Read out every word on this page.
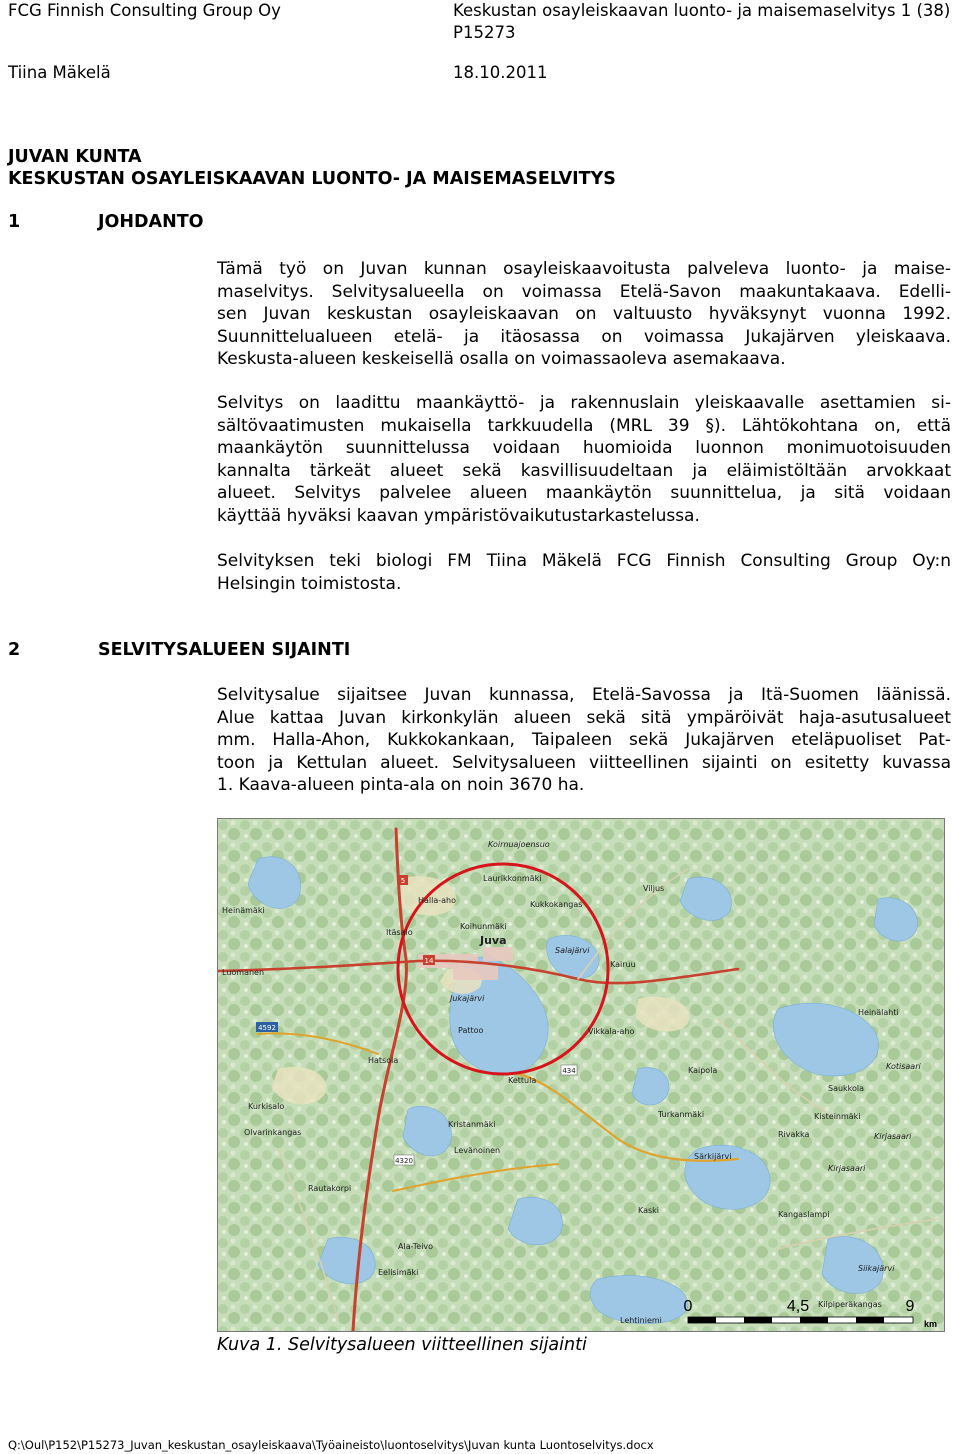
FCG Finnish Consulting Group Oy	Keskustan osayleiskaavan luonto- ja maisemaselvitys 1 (38)
P15273
Tiina Mäkelä	18.10.2011
JUVAN KUNTA
KESKUSTAN OSAYLEISKAAVAN LUONTO- JA MAISEMASELVITYS
1	JOHDANTO
Tämä työ on Juvan kunnan osayleiskaavoitusta palveleva luonto- ja maise-
maselvitys. Selvitysalueella on voimassa Etelä-Savon maakuntakaava. Edelli-
sen Juvan keskustan osayleiskaavan on valtuusto hyväksynyt vuonna 1992.
Suunnittelualueen etelä- ja itäosassa on voimassa Jukajärven yleiskaava.
Keskusta-alueen keskeisellä osalla on voimassaoleva asemakaava.
Selvitys on laadittu maankäyttö- ja rakennuslain yleiskaavalle asettamien si-
sältövaatimusten mukaisella tarkkuudella (MRL 39 §). Lähtökohtana on, että
maankäytön suunnittelussa voidaan huomioida luonnon monimuotoisuuden
kannalta tärkeät alueet sekä kasvillisuudeltaan ja eläimistöltään arvokkaat
alueet. Selvitys palvelee alueen maankäytön suunnittelua, ja sitä voidaan
käyttää hyväksi kaavan ympäristövaikutustarkastelussa.
Selvityksen teki biologi FM Tiina Mäkelä FCG Finnish Consulting Group Oy:n
Helsingin toimistosta.
2	SELVITYSALUEEN SIJAINTI
Selvitysalue sijaitsee Juvan kunnassa, Etelä-Savossa ja Itä-Suomen läänissä.
Alue kattaa Juvan kirkonkylän alueen sekä sitä ympäröivät haja-asutusalueet
mm. Halla-Ahon, Kukkokankaan, Taipaleen sekä Jukajärven eteläpuoliset Pat-
toon ja Kettulan alueet. Selvitysalueen viitteellinen sijainti on esitetty kuvassa
1. Kaava-alueen pinta-ala on noin 3670 ha.
5
14
434
4320
4592
Koirnuajoensuo
Viljus
Laurikkonmäki
Heinämäki
Halla-aho	Kukkokangas
Koihunmäki
Itäsalo
Juva
Kairuu
Luomanen
Salajärvi
Jukajärvi
Pattoo	Vikkala-aho
Kettula
Hatsola
Kaipola
Turkanmäki
Kristanmäki
Kurkisalo
Olvarinkangas
Levänoinen
Särkijärvi
Rivakka
Saukkola
Kisteinmäki
Kirjasaari
Kotisaari
Ala-Teivo
Eelisimäki
Lehtiniemi
Kirjasaari
Rautakorpi
Kaski
Siikajärvi
Kangaslampi
Kilpiperäkangas
Heinälahti
0	4,5	9
km
Kuva 1. Selvitysalueen viitteellinen sijainti
Q:\Oul\P152\P15273_Juvan_keskustan_osayleiskaava\Työaineisto\luontoselvitys\Juvan kunta Luontoselvitys.docx
